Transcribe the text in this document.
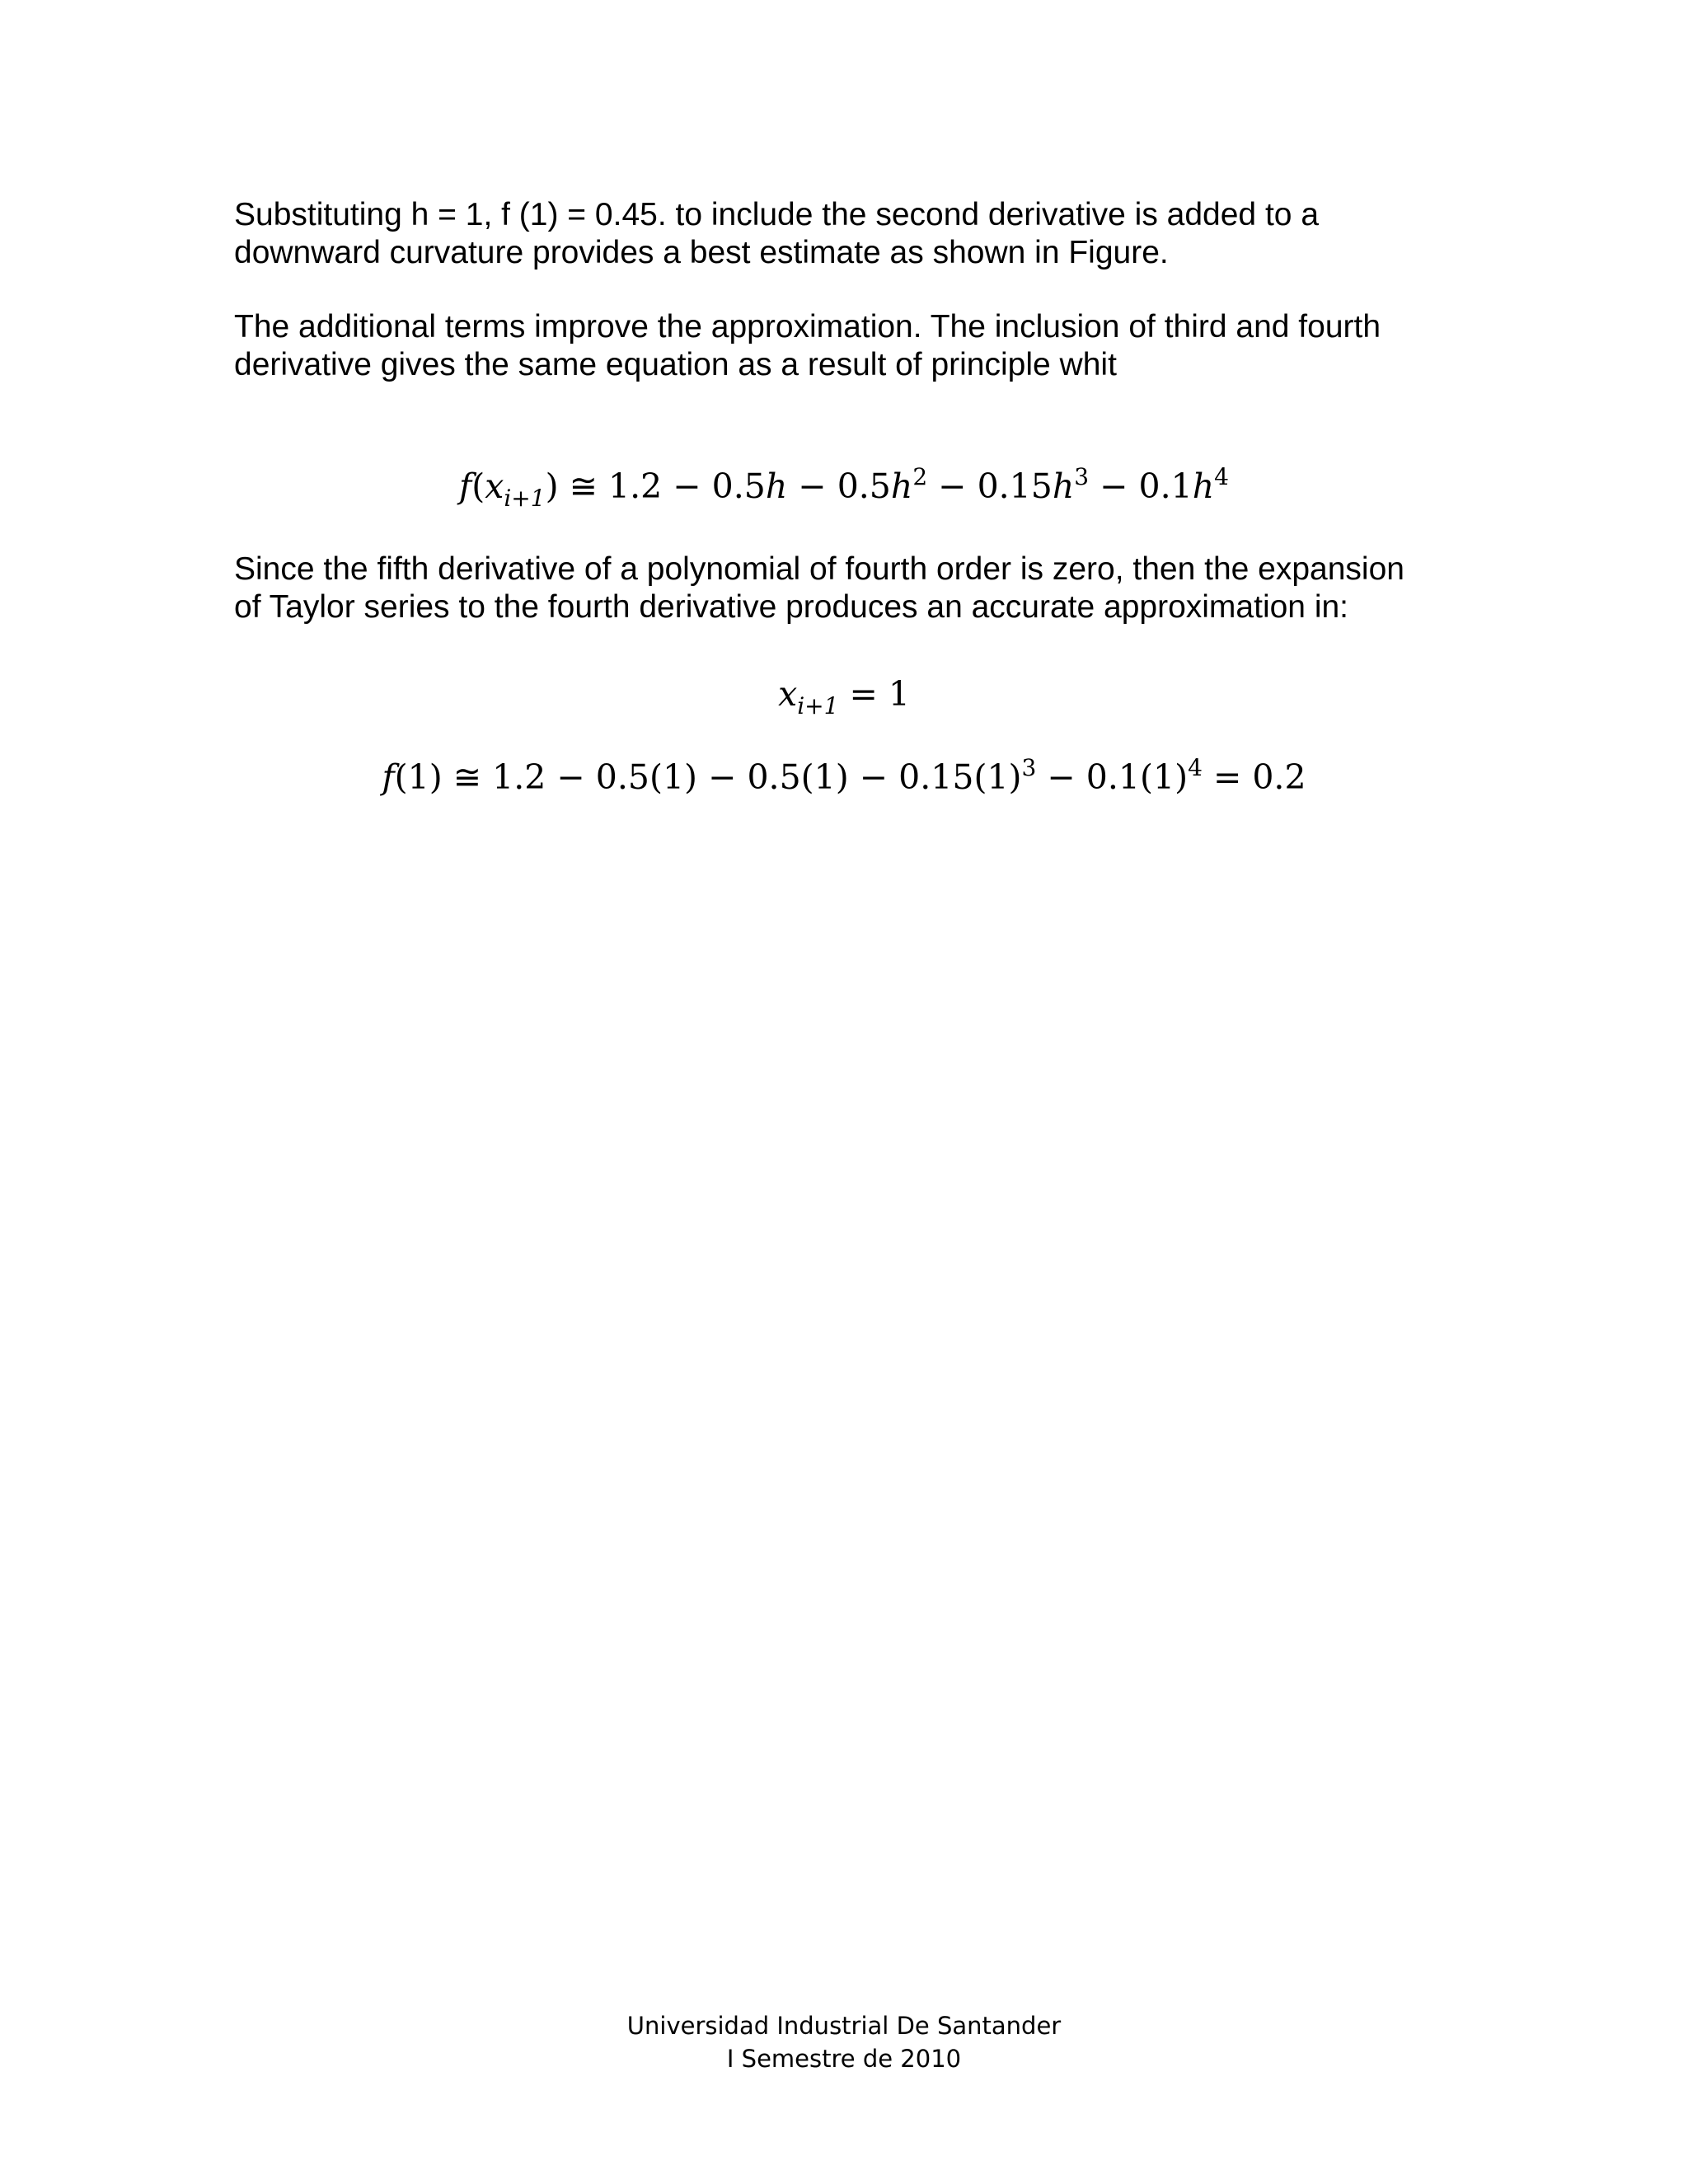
Substituting h = 1, f (1) = 0.45. to include the second derivative is added to a
downward curvature provides a best estimate as shown in Figure.

The additional terms improve the approximation. The inclusion of third and fourth
derivative gives the same equation as a result of principle whit

$f(x_{i+1})$ ≅ $1.2 - 0.5h - 0.5h^2 - 0.15h^3 - 0.1h^4$

Since the fifth derivative of a polynomial of fourth order is zero, then the expansion
of Taylor series to the fourth derivative produces an accurate approximation in:

$x_{i+1} = 1$
f(1) ≅ $1.2 - 0.5(1) - 0.5(1) - 0.15(1)^3 - 0.1(1)^4 = 0.2$
Universidad Industrial De Santander
I Semestre de 2010
